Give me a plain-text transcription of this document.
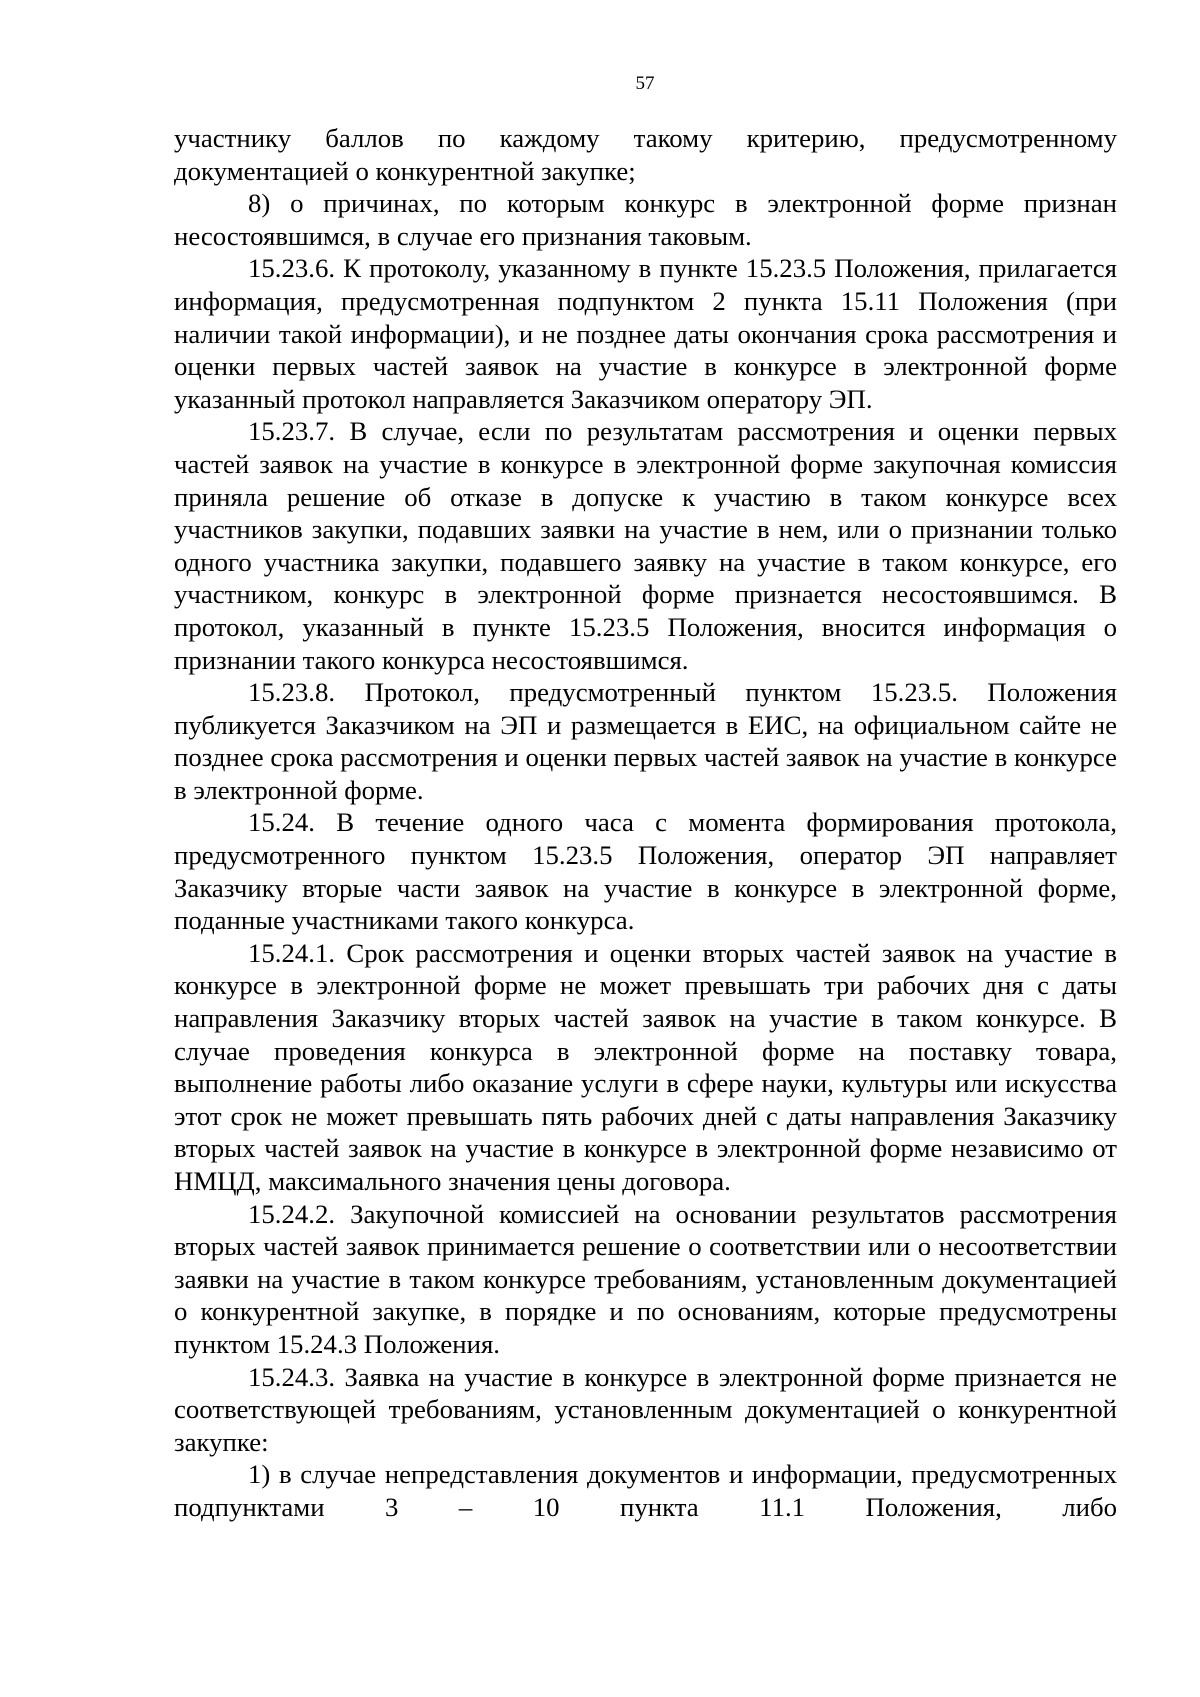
57

участнику баллов по каждому такому критерию, предусмотренному документацией о конкурентной закупке;

8) о причинах, по которым конкурс в электронной форме признан несостоявшимся, в случае его признания таковым.

15.23.6. К протоколу, указанному в пункте 15.23.5 Положения, прилагается информация, предусмотренная подпунктом 2 пункта 15.11 Положения (при наличии такой информации), и не позднее даты окончания срока рассмотрения и оценки первых частей заявок на участие в конкурсе в электронной форме указанный протокол направляется Заказчиком оператору ЭП.

15.23.7. В случае, если по результатам рассмотрения и оценки первых частей заявок на участие в конкурсе в электронной форме закупочная комиссия приняла решение об отказе в допуске к участию в таком конкурсе всех участников закупки, подавших заявки на участие в нем, или о признании только одного участника закупки, подавшего заявку на участие в таком конкурсе, его участником, конкурс в электронной форме признается несостоявшимся. В протокол, указанный в пункте 15.23.5 Положения, вносится информация о признании такого конкурса несостоявшимся.

15.23.8. Протокол, предусмотренный пунктом 15.23.5. Положения публикуется Заказчиком на ЭП и размещается в ЕИС, на официальном сайте не позднее срока рассмотрения и оценки первых частей заявок на участие в конкурсе в электронной форме.

15.24. В течение одного часа с момента формирования протокола, предусмотренного пунктом 15.23.5 Положения, оператор ЭП направляет Заказчику вторые части заявок на участие в конкурсе в электронной форме, поданные участниками такого конкурса.

15.24.1. Срок рассмотрения и оценки вторых частей заявок на участие в конкурсе в электронной форме не может превышать три рабочих дня с даты направления Заказчику вторых частей заявок на участие в таком конкурсе. В случае проведения конкурса в электронной форме на поставку товара, выполнение работы либо оказание услуги в сфере науки, культуры или искусства этот срок не может превышать пять рабочих дней с даты направления Заказчику вторых частей заявок на участие в конкурсе в электронной форме независимо от НМЦД, максимального значения цены договора.

15.24.2. Закупочной комиссией на основании результатов рассмотрения вторых частей заявок принимается решение о соответствии или о несоответствии заявки на участие в таком конкурсе требованиям, установленным документацией о конкурентной закупке, в порядке и по основаниям, которые предусмотрены пунктом 15.24.3 Положения.

15.24.3. Заявка на участие в конкурсе в электронной форме признается не соответствующей требованиям, установленным документацией о конкурентной закупке:

1) в случае непредставления документов и информации, предусмотренных подпунктами 3 – 10 пункта 11.1 Положения, либо
